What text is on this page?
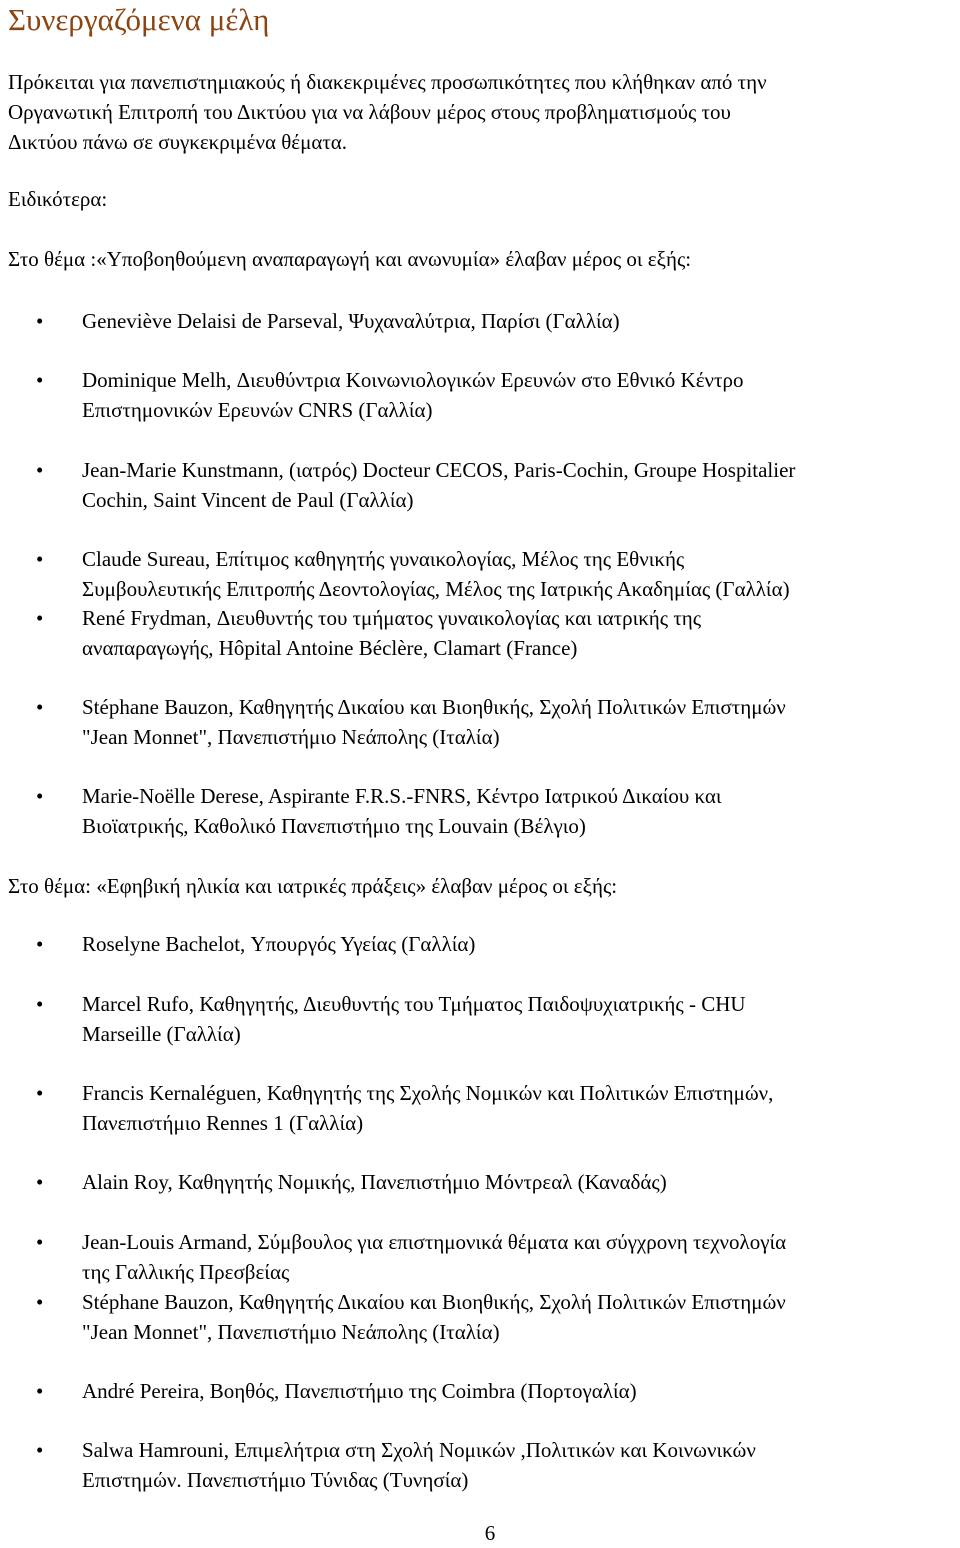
Συνεργαζόμενα μέλη
Πρόκειται για πανεπιστημιακούς ή διακεκριμένες προσωπικότητες που κλήθηκαν από την
Οργανωτική Επιτροπή του Δικτύου για να λάβουν μέρος στους προβληματισμούς του
Δικτύου πάνω σε συγκεκριμένα θέματα.
Ειδικότερα:
Στο θέμα :«Υποβοηθούμενη αναπαραγωγή και ανωνυμία» έλαβαν μέρος οι εξής:
• Geneviève Delaisi de Parseval, Ψυχαναλύτρια, Παρίσι (Γαλλία)
• Dominique Melh, Διευθύντρια Κοινωνιολογικών Ερευνών στο Εθνικό Κέντρο
Επιστημονικών Ερευνών CNRS (Γαλλία)
• Jean-Marie Kunstmann, (ιατρός) Docteur CECOS, Paris-Cochin, Groupe Hospitalier
Cochin, Saint Vincent de Paul (Γαλλία)
• Claude Sureau, Επίτιμος καθηγητής γυναικολογίας, Μέλος της Εθνικής
Συμβουλευτικής Επιτροπής Δεοντολογίας, Μέλος της Ιατρικής Ακαδημίας (Γαλλία)
• René Frydman, Διευθυντής του τμήματος γυναικολογίας και ιατρικής της
αναπαραγωγής, Hôpital Antoine Béclère, Clamart (France)
• Stéphane Bauzon, Καθηγητής Δικαίου και Βιοηθικής, Σχολή Πολιτικών Επιστημών
"Jean Monnet", Πανεπιστήμιο Νεάπολης (Ιταλία)
• Marie-Noëlle Derese, Aspirante F.R.S.-FNRS, Κέντρο Ιατρικού Δικαίου και
Βιοϊατρικής, Καθολικό Πανεπιστήμιο της Louvain (Βέλγιο)
Στο θέμα: «Εφηβική ηλικία και ιατρικές πράξεις» έλαβαν μέρος οι εξής:
• Roselyne Bachelot, Υπουργός Υγείας (Γαλλία)
• Marcel Rufo, Καθηγητής, Διευθυντής του Τμήματος Παιδοψυχιατρικής - CHU
Marseille (Γαλλία)
• Francis Kernaléguen, Καθηγητής της Σχολής Νομικών και Πολιτικών Επιστημών,
Πανεπιστήμιο Rennes 1 (Γαλλία)
• Alain Roy, Καθηγητής Νομικής, Πανεπιστήμιο Μόντρεαλ (Καναδάς)
• Jean-Louis Armand, Σύμβουλος για επιστημονικά θέματα και σύγχρονη τεχνολογία
της Γαλλικής Πρεσβείας
• Stéphane Bauzon, Καθηγητής Δικαίου και Βιοηθικής, Σχολή Πολιτικών Επιστημών
"Jean Monnet", Πανεπιστήμιο Νεάπολης (Ιταλία)
• André Pereira, Βοηθός, Πανεπιστήμιο της Coimbra (Πορτογαλία)
• Salwa Hamrouni, Επιμελήτρια στη Σχολή Νομικών ,Πολιτικών και Κοινωνικών
Επιστημών. Πανεπιστήμιο Τύνιδας (Τυνησία)
6
